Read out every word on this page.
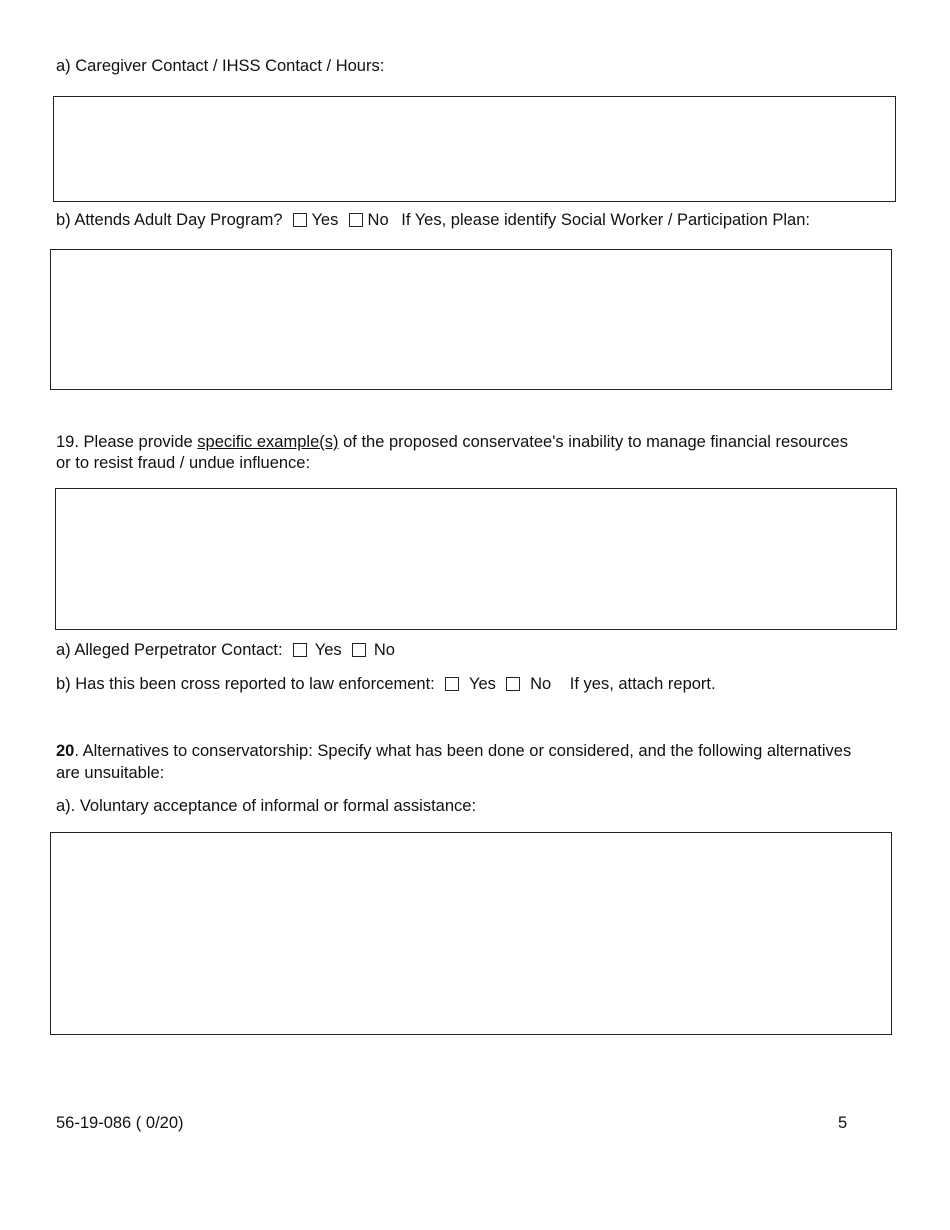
a) Caregiver Contact / IHSS Contact / Hours:
b) Attends Adult Day Program? Yes No If Yes, please identify Social Worker / Participation Plan:
19. Please provide specific example(s) of the proposed conservatee's inability to manage financial resources
or to resist fraud / undue influence:
a) Alleged Perpetrator Contact: Yes No
b) Has this been cross reported to law enforcement: Yes No If yes, attach report.
20. Alternatives to conservatorship: Specify what has been done or considered, and the following alternatives
are unsuitable:
a). Voluntary acceptance of informal or formal assistance:
56-19-086 ( 0/20)	5
